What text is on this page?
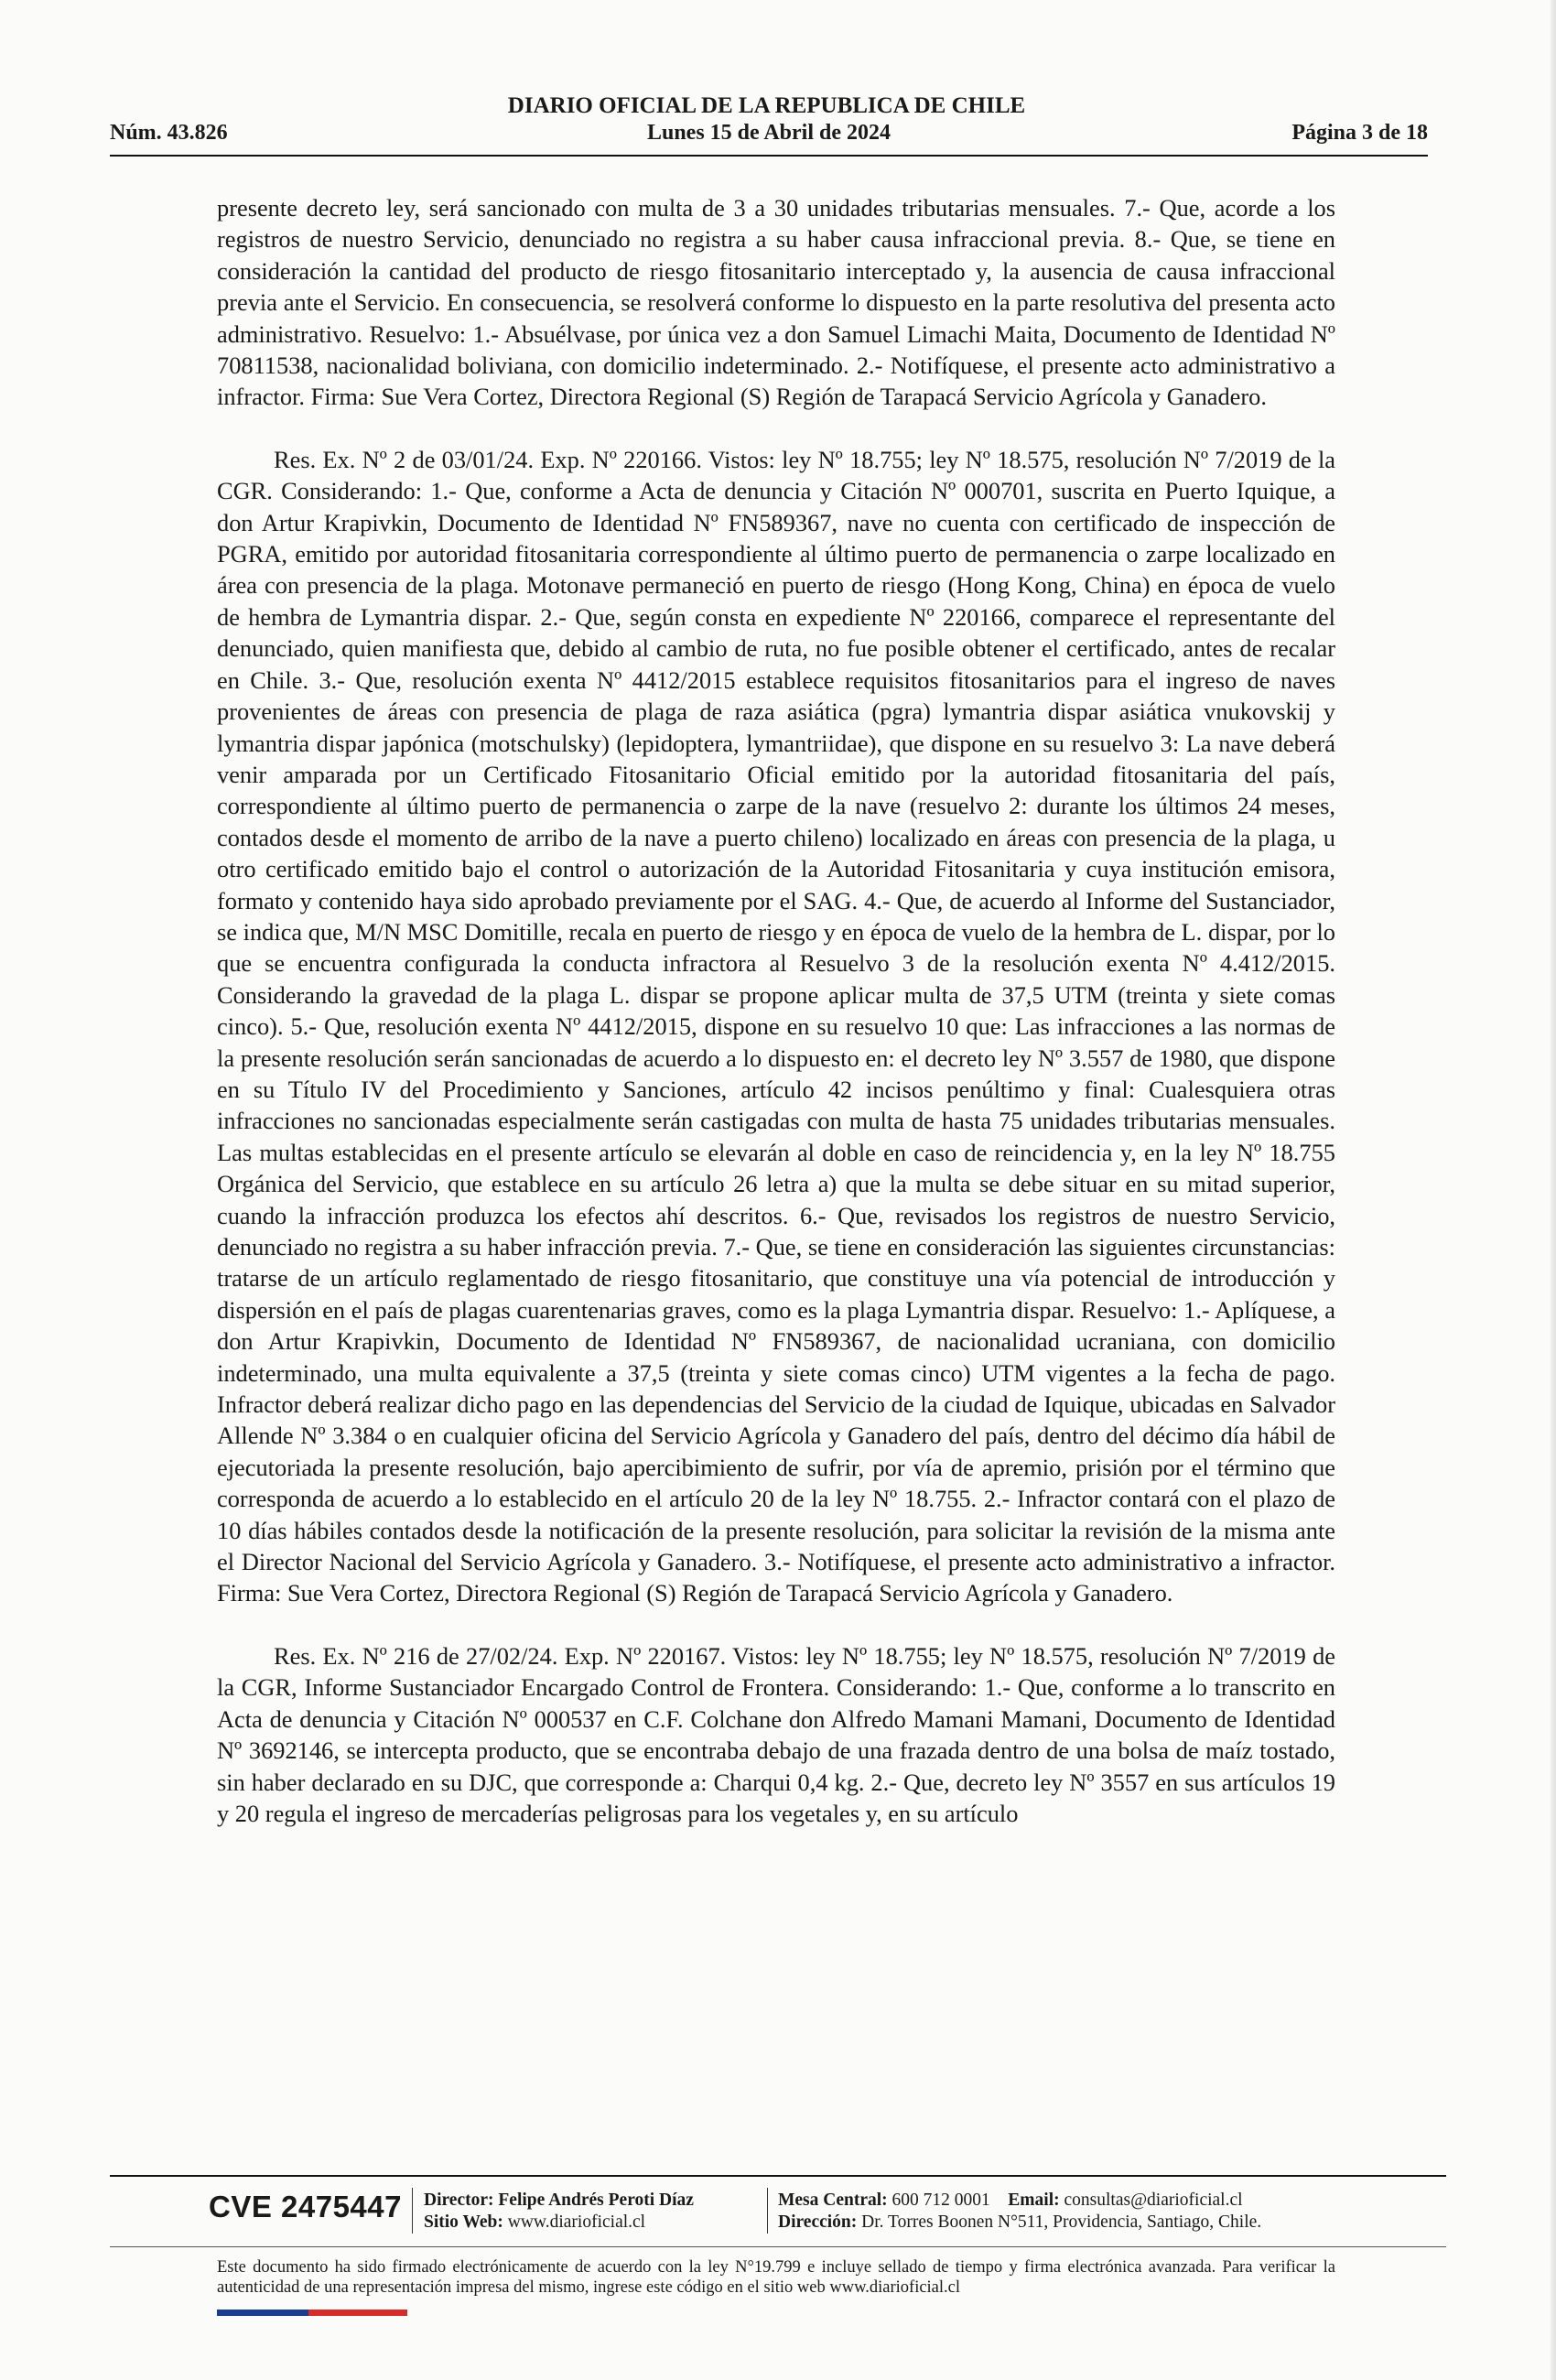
DIARIO OFICIAL DE LA REPUBLICA DE CHILE
Núm. 43.826	Lunes 15 de Abril de 2024	Página 3 de 18

presente decreto ley, será sancionado con multa de 3 a 30 unidades tributarias mensuales. 7.- Que, acorde a los registros de nuestro Servicio, denunciado no registra a su haber causa infraccional previa. 8.- Que, se tiene en consideración la cantidad del producto de riesgo fitosanitario interceptado y, la ausencia de causa infraccional previa ante el Servicio. En consecuencia, se resolverá conforme lo dispuesto en la parte resolutiva del presenta acto administrativo. Resuelvo: 1.- Absuélvase, por única vez a don Samuel Limachi Maita, Documento de Identidad Nº 70811538, nacionalidad boliviana, con domicilio indeterminado. 2.- Notifíquese, el presente acto administrativo a infractor. Firma: Sue Vera Cortez, Directora Regional (S) Región de Tarapacá Servicio Agrícola y Ganadero.

Res. Ex. Nº 2 de 03/01/24. Exp. Nº 220166. Vistos: ley Nº 18.755; ley Nº 18.575, resolución Nº 7/2019 de la CGR. Considerando: 1.- Que, conforme a Acta de denuncia y Citación Nº 000701, suscrita en Puerto Iquique, a don Artur Krapivkin, Documento de Identidad Nº FN589367, nave no cuenta con certificado de inspección de PGRA, emitido por autoridad fitosanitaria correspondiente al último puerto de permanencia o zarpe localizado en área con presencia de la plaga. Motonave permaneció en puerto de riesgo (Hong Kong, China) en época de vuelo de hembra de Lymantria dispar. 2.- Que, según consta en expediente Nº 220166, comparece el representante del denunciado, quien manifiesta que, debido al cambio de ruta, no fue posible obtener el certificado, antes de recalar en Chile. 3.- Que, resolución exenta Nº 4412/2015 establece requisitos fitosanitarios para el ingreso de naves provenientes de áreas con presencia de plaga de raza asiática (pgra) lymantria dispar asiática vnukovskij y lymantria dispar japónica (motschulsky) (lepidoptera, lymantriidae), que dispone en su resuelvo 3: La nave deberá venir amparada por un Certificado Fitosanitario Oficial emitido por la autoridad fitosanitaria del país, correspondiente al último puerto de permanencia o zarpe de la nave (resuelvo 2: durante los últimos 24 meses, contados desde el momento de arribo de la nave a puerto chileno) localizado en áreas con presencia de la plaga, u otro certificado emitido bajo el control o autorización de la Autoridad Fitosanitaria y cuya institución emisora, formato y contenido haya sido aprobado previamente por el SAG. 4.- Que, de acuerdo al Informe del Sustanciador, se indica que, M/N MSC Domitille, recala en puerto de riesgo y en época de vuelo de la hembra de L. dispar, por lo que se encuentra configurada la conducta infractora al Resuelvo 3 de la resolución exenta Nº 4.412/2015. Considerando la gravedad de la plaga L. dispar se propone aplicar multa de 37,5 UTM (treinta y siete comas cinco). 5.- Que, resolución exenta Nº 4412/2015, dispone en su resuelvo 10 que: Las infracciones a las normas de la presente resolución serán sancionadas de acuerdo a lo dispuesto en: el decreto ley Nº 3.557 de 1980, que dispone en su Título IV del Procedimiento y Sanciones, artículo 42 incisos penúltimo y final: Cualesquiera otras infracciones no sancionadas especialmente serán castigadas con multa de hasta 75 unidades tributarias mensuales. Las multas establecidas en el presente artículo se elevarán al doble en caso de reincidencia y, en la ley Nº 18.755 Orgánica del Servicio, que establece en su artículo 26 letra a) que la multa se debe situar en su mitad superior, cuando la infracción produzca los efectos ahí descritos. 6.- Que, revisados los registros de nuestro Servicio, denunciado no registra a su haber infracción previa. 7.- Que, se tiene en consideración las siguientes circunstancias: tratarse de un artículo reglamentado de riesgo fitosanitario, que constituye una vía potencial de introducción y dispersión en el país de plagas cuarentenarias graves, como es la plaga Lymantria dispar. Resuelvo: 1.- Aplíquese, a don Artur Krapivkin, Documento de Identidad Nº FN589367, de nacionalidad ucraniana, con domicilio indeterminado, una multa equivalente a 37,5 (treinta y siete comas cinco) UTM vigentes a la fecha de pago. Infractor deberá realizar dicho pago en las dependencias del Servicio de la ciudad de Iquique, ubicadas en Salvador Allende Nº 3.384 o en cualquier oficina del Servicio Agrícola y Ganadero del país, dentro del décimo día hábil de ejecutoriada la presente resolución, bajo apercibimiento de sufrir, por vía de apremio, prisión por el término que corresponda de acuerdo a lo establecido en el artículo 20 de la ley Nº 18.755. 2.- Infractor contará con el plazo de 10 días hábiles contados desde la notificación de la presente resolución, para solicitar la revisión de la misma ante el Director Nacional del Servicio Agrícola y Ganadero. 3.- Notifíquese, el presente acto administrativo a infractor. Firma: Sue Vera Cortez, Directora Regional (S) Región de Tarapacá Servicio Agrícola y Ganadero.

Res. Ex. Nº 216 de 27/02/24. Exp. Nº 220167. Vistos: ley Nº 18.755; ley Nº 18.575, resolución Nº 7/2019 de la CGR, Informe Sustanciador Encargado Control de Frontera. Considerando: 1.- Que, conforme a lo transcrito en Acta de denuncia y Citación Nº 000537 en C.F. Colchane don Alfredo Mamani Mamani, Documento de Identidad Nº 3692146, se intercepta producto, que se encontraba debajo de una frazada dentro de una bolsa de maíz tostado, sin haber declarado en su DJC, que corresponde a: Charqui 0,4 kg. 2.- Que, decreto ley Nº 3557 en sus artículos 19 y 20 regula el ingreso de mercaderías peligrosas para los vegetales y, en su artículo

CVE 2475447 Director: Felipe Andrés Peroti Díaz
Sitio Web: www.diarioficial.cl
Mesa Central: 600 712 0001 Email: consultas@diarioficial.cl
Dirección: Dr. Torres Boonen N°511, Providencia, Santiago, Chile.
Este documento ha sido firmado electrónicamente de acuerdo con la ley N°19.799 e incluye sellado de tiempo y firma electrónica avanzada. Para verificar la autenticidad de una representación impresa del mismo, ingrese este código en el sitio web www.diarioficial.cl
